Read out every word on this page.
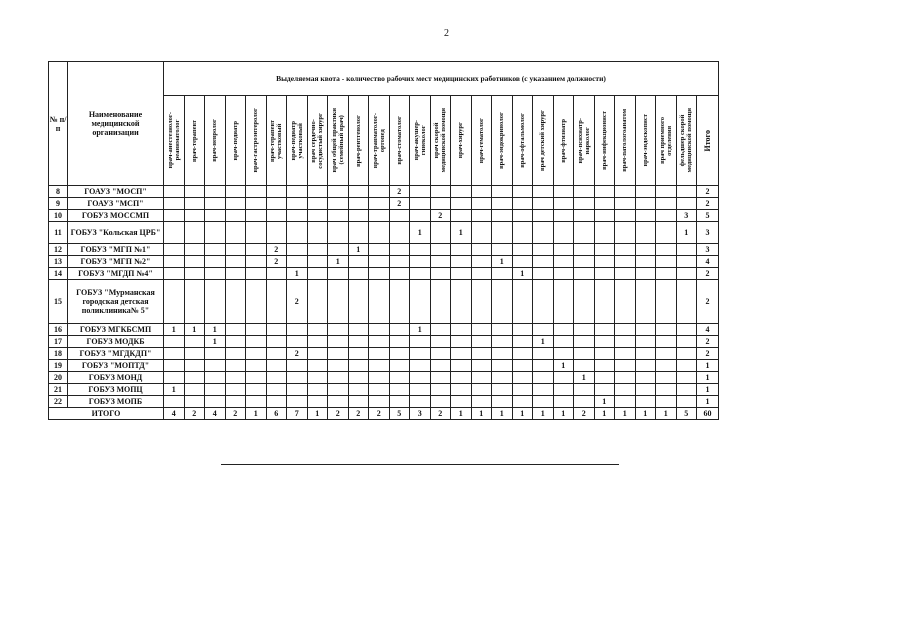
2
№ п/п	Наименование медицинской организации	Выделяемая квота - количество рабочих мест медицинских работников (с указанием должности)																										

		врач-анестезиолог-
реаниматолог	врач-терапевт	врач-невролог	врач-педиатр	врач-гастроэнтеролог	врач-терапевт
участковый	врач-педиатр
участковый	врач сердечно-
сосудистый хирург	врач общей практики
(семейный врач)	врач-рентгенолог	врач-травматолог-
ортопед	врач-стоматолог	врач-акушер-
гинеколог	врач скорой
медицинской помощи	врач-хирург	врач-гематолог	врач-эндокринолог	врач-офтальмолог	врач детский хирург	врач-фтизиатр	врач-психиатр-
нарколог	врач-инфекционист	врач-патологоанатом	врач-эндоскопист	врач приемного
отделения	фельдшер скорой
медицинской помощи	Итого

8	ГОАУЗ "МОСП"												2															2
9	ГОАУЗ "МСП"												2															2
10	ГОБУЗ МОССМП														2												3	5
11	ГОБУЗ "Кольская ЦРБ"													1		1											1	3
12	ГОБУЗ "МГП №1"						2				1																	3
13	ГОБУЗ "МГП №2"						2			1								1										4
14	ГОБУЗ "МГДП №4"							1											1									2
15	ГОБУЗ "Мурманская городская детская поликлиника№ 5"							2																				2
16	ГОБУЗ МГКБСМП	1	1	1										1														4
17	ГОБУЗ МОДКБ			1																1								2
18	ГОБУЗ "МГДКДП"							2																				2
19	ГОБУЗ "МОПТД"																				1							1
20	ГОБУЗ МОНД																					1						1
21	ГОБУЗ МОПЦ	1																										1
22	ГОБУЗ МОПБ																						1					1
ИТОГО		4	2	4	2	1	6	7	1	2	2	2	5	3	2	1	1	1	1	1	1	2	1	1	1	1	5	60
